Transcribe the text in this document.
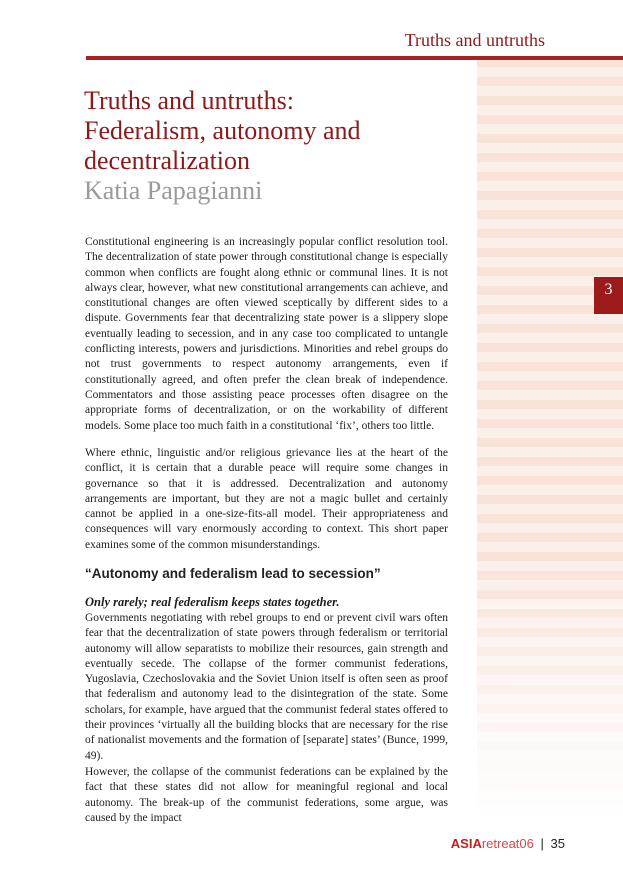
Truths and untruths
Truths and untruths:
Federalism, autonomy and
decentralization
Katia Papagianni
3

Constitutional engineering is an increasingly popular conflict resolution tool. The decentralization of state power through constitutional change is especially common when conflicts are fought along ethnic or communal lines. It is not always clear, however, what new constitutional arrangements can achieve, and constitutional changes are often viewed sceptically by different sides to a dispute. Governments fear that decentralizing state power is a slippery slope eventually leading to secession, and in any case too complicated to untangle conflicting interests, powers and jurisdictions. Minorities and rebel groups do not trust governments to respect autonomy arrangements, even if constitutionally agreed, and often prefer the clean break of independence. Commentators and those assisting peace processes often disagree on the appropriate forms of decentralization, or on the workability of different models. Some place too much faith in a constitutional ‘fix’, others too little.

Where ethnic, linguistic and/or religious grievance lies at the heart of the conflict, it is certain that a durable peace will require some changes in governance so that it is addressed. Decentralization and autonomy arrangements are important, but they are not a magic bullet and certainly cannot be applied in a one-size-fits-all model. Their appropriateness and consequences will vary enormously according to context. This short paper examines some of the common misunderstandings.

“Autonomy and federalism lead to secession”
Only rarely; real federalism keeps states together.

Governments negotiating with rebel groups to end or prevent civil wars often fear that the decentralization of state powers through federalism or territorial autonomy will allow separatists to mobilize their resources, gain strength and eventually secede. The collapse of the former communist federations, Yugoslavia, Czechoslovakia and the Soviet Union itself is often seen as proof that federalism and autonomy lead to the disintegration of the state. Some scholars, for example, have argued that the communist federal states offered to their provinces ‘virtually all the building blocks that are necessary for the rise of nationalist movements and the formation of [separate] states’ (Bunce, 1999, 49).

However, the collapse of the communist federations can be explained by the fact that these states did not allow for meaningful regional and local autonomy. The break-up of the communist federations, some argue, was caused by the impact

ASIAretreat06 | 35
